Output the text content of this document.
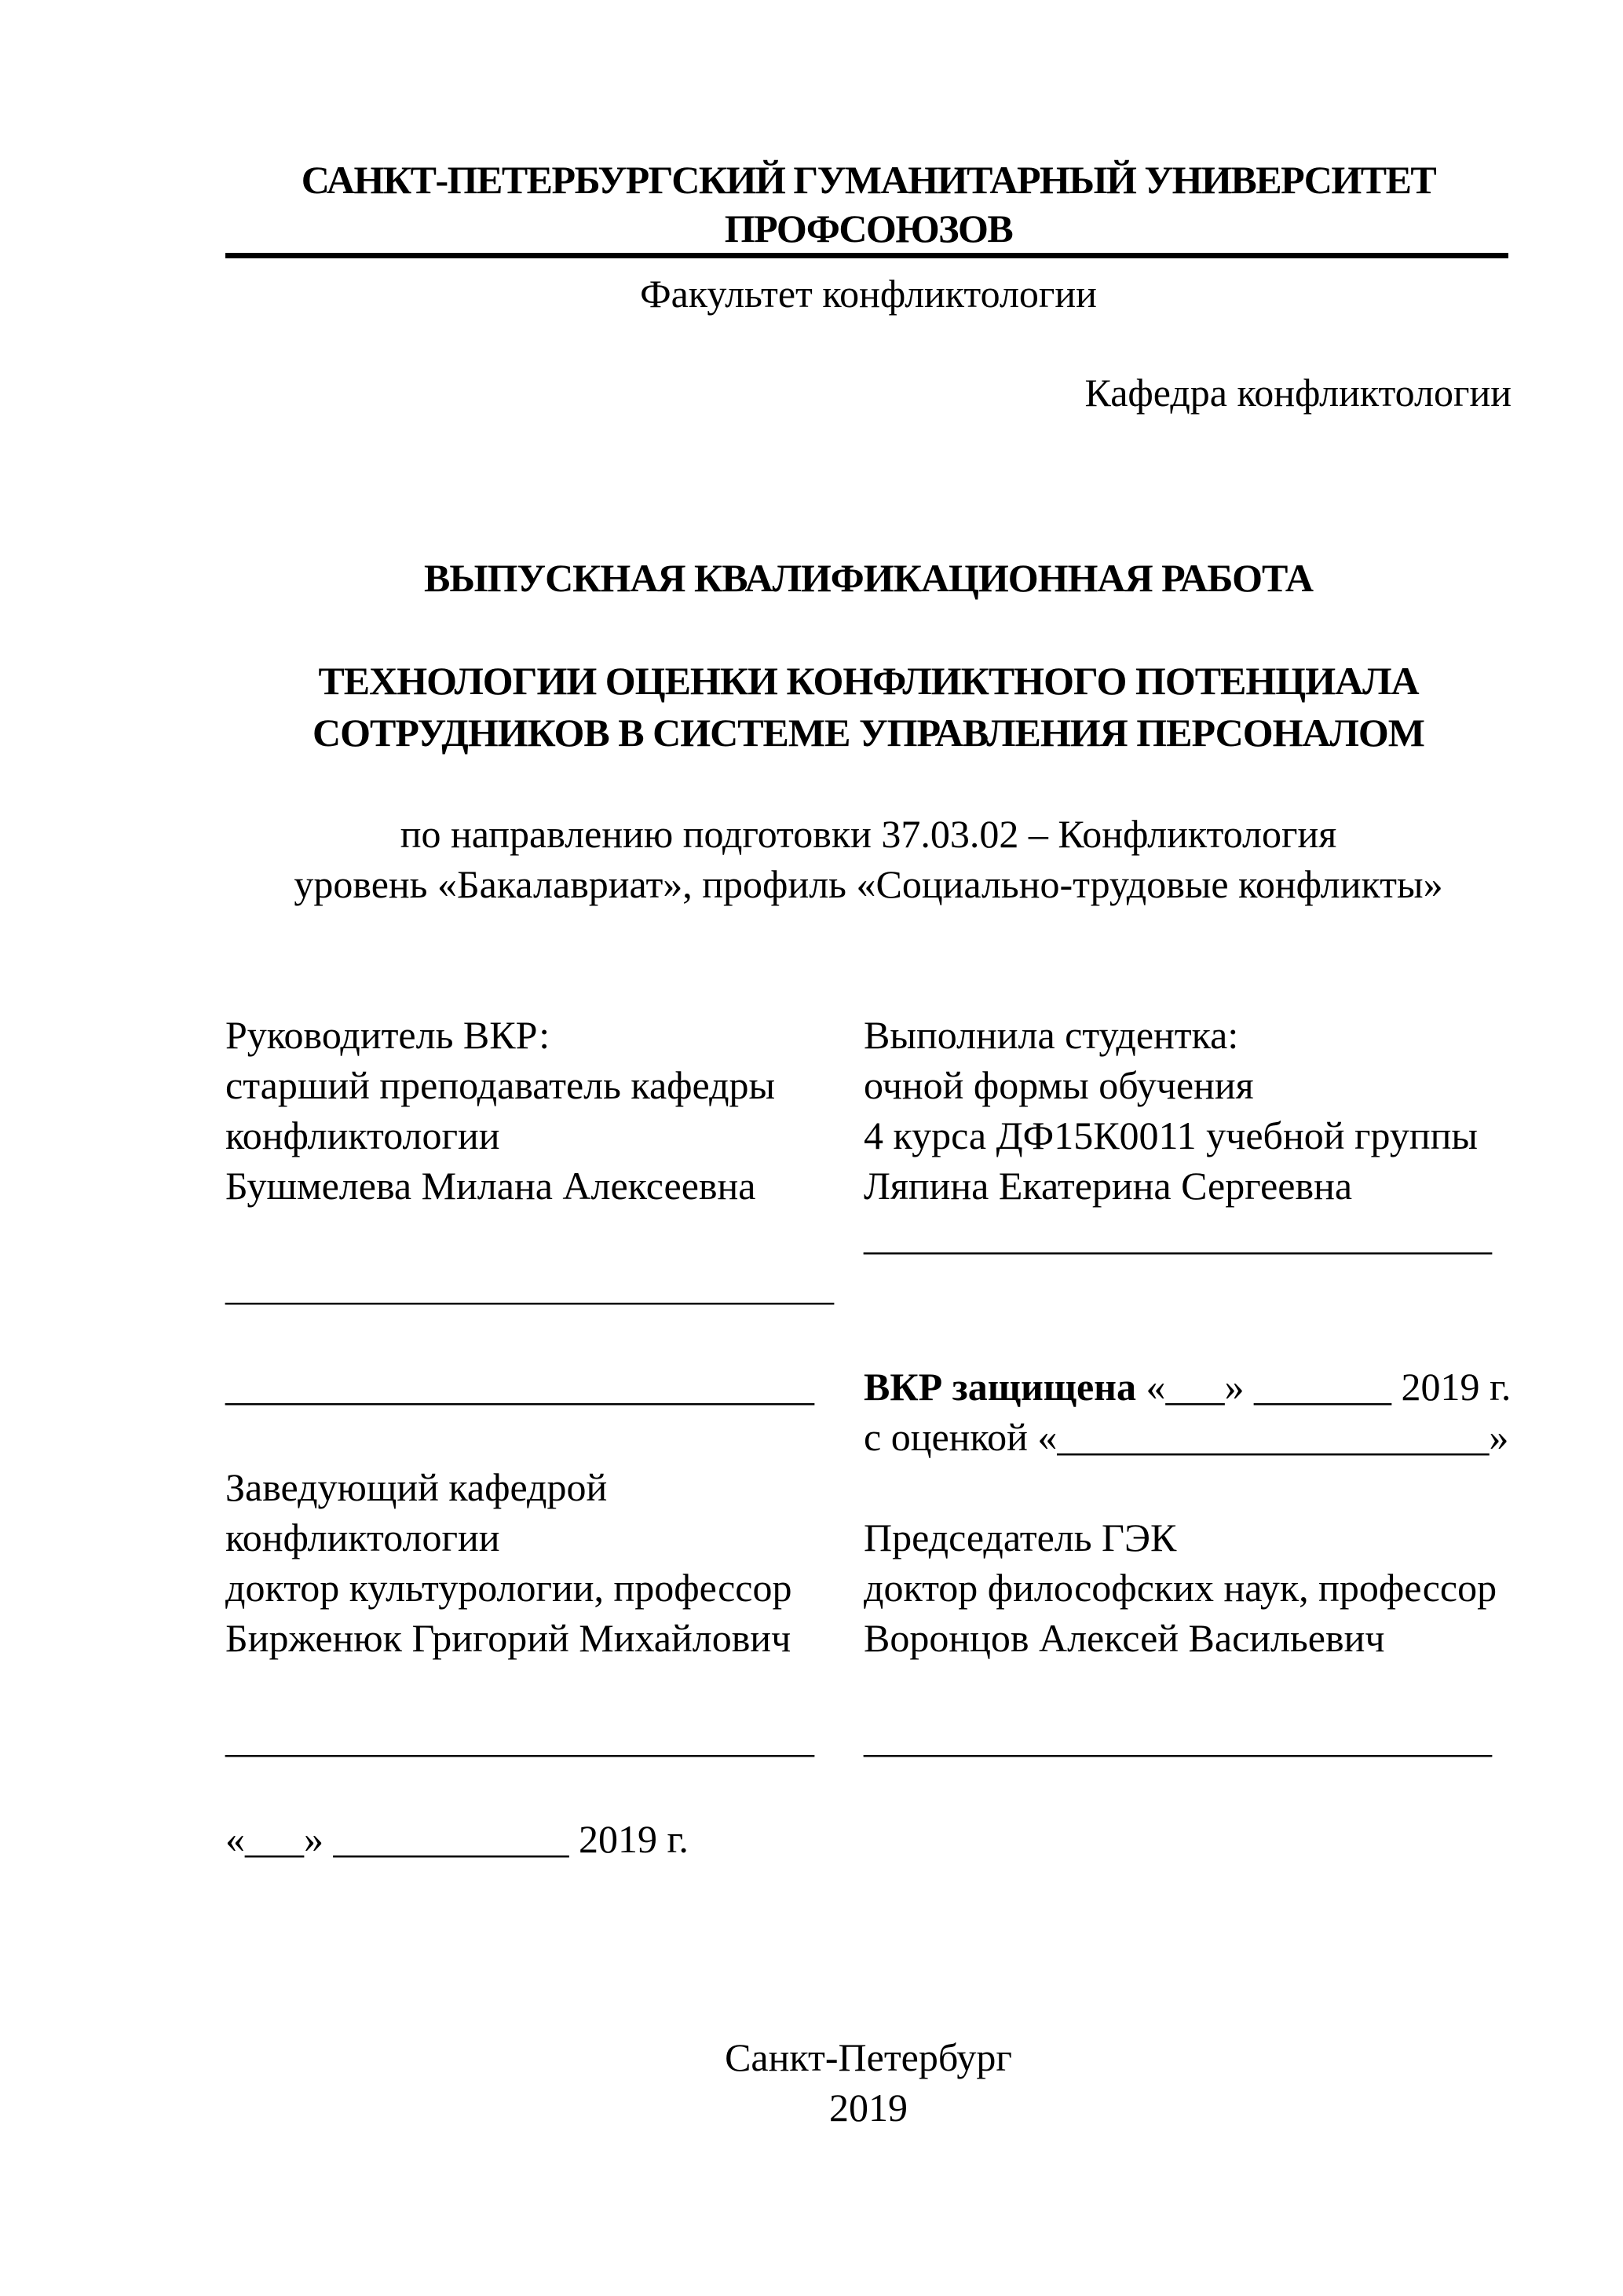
САНКТ-ПЕТЕРБУРГСКИЙ ГУМАНИТАРНЫЙ УНИВЕРСИТЕТ
ПРОФСОЮЗОВ
Факультет конфликтологии
Кафедра конфликтологии
ВЫПУСКНАЯ КВАЛИФИКАЦИОННАЯ РАБОТА
ТЕХНОЛОГИИ ОЦЕНКИ КОНФЛИКТНОГО ПОТЕНЦИАЛА
СОТРУДНИКОВ В СИСТЕМЕ УПРАВЛЕНИЯ ПЕРСОНАЛОМ
по направлению подготовки 37.03.02 – Конфликтология
уровень «Бакалавриат», профиль «Социально-трудовые конфликты»
Руководитель ВКР:	Выполнила студентка:
старший преподаватель кафедры	очной формы обучения
конфликтологии	4 курса ДФ15К0011 учебной группы
Бушмелева Милана Алексеевна	Ляпина Екатерина Сергеевна
________________________________
_______________________________
______________________________	ВКР защищена «___» _______ 2019 г.
с оценкой «______________________»
Заведующий кафедрой
конфликтологии	Председатель ГЭК
доктор культурологии, профессор	доктор философских наук, профессор
Бирженюк Григорий Михайлович	Воронцов Алексей Васильевич
______________________________	________________________________
«___» ____________ 2019 г.
Санкт-Петербург
2019
